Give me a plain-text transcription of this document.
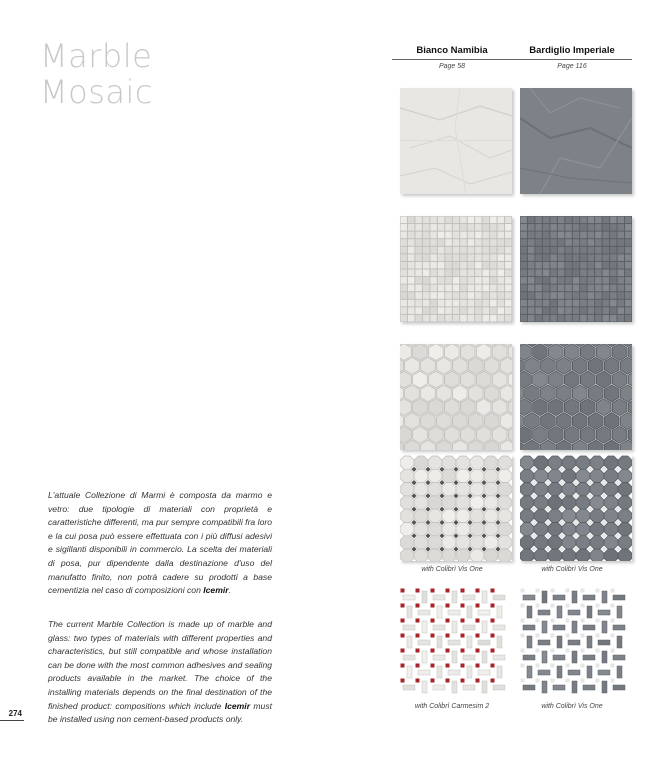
Marble
Mosaic
Bianco Namibia
Page 58
Bardiglio Imperiale
Page 116
with Colibrì Vis One	with Colibrì Vis One
with Colibrì Carmesim 2	with Colibrì Vis One

L'attuale Collezione di Marmi è composta da marmo e vetro: due tipologie di materiali con proprietà e caratteristiche differenti, ma pur sempre compatibili fra loro e la cui posa può essere effettuata con i più diffusi adesivi e sigillanti disponibili in commercio. La scelta dei materiali di posa, pur dipendente dalla destinazione d'uso del manufatto finito, non potrà cadere su prodotti a base cementizia nel caso di composizioni con Icemir.

The current Marble Collection is made up of marble and glass: two types of materials with different properties and characteristics, but still compatible and whose installation can be done with the most common adhesives and sealing products available in the market. The choice of the installing materials depends on the final destination of the finished product: compositions which include Icemir must be installed using non cement-based products only.

274
